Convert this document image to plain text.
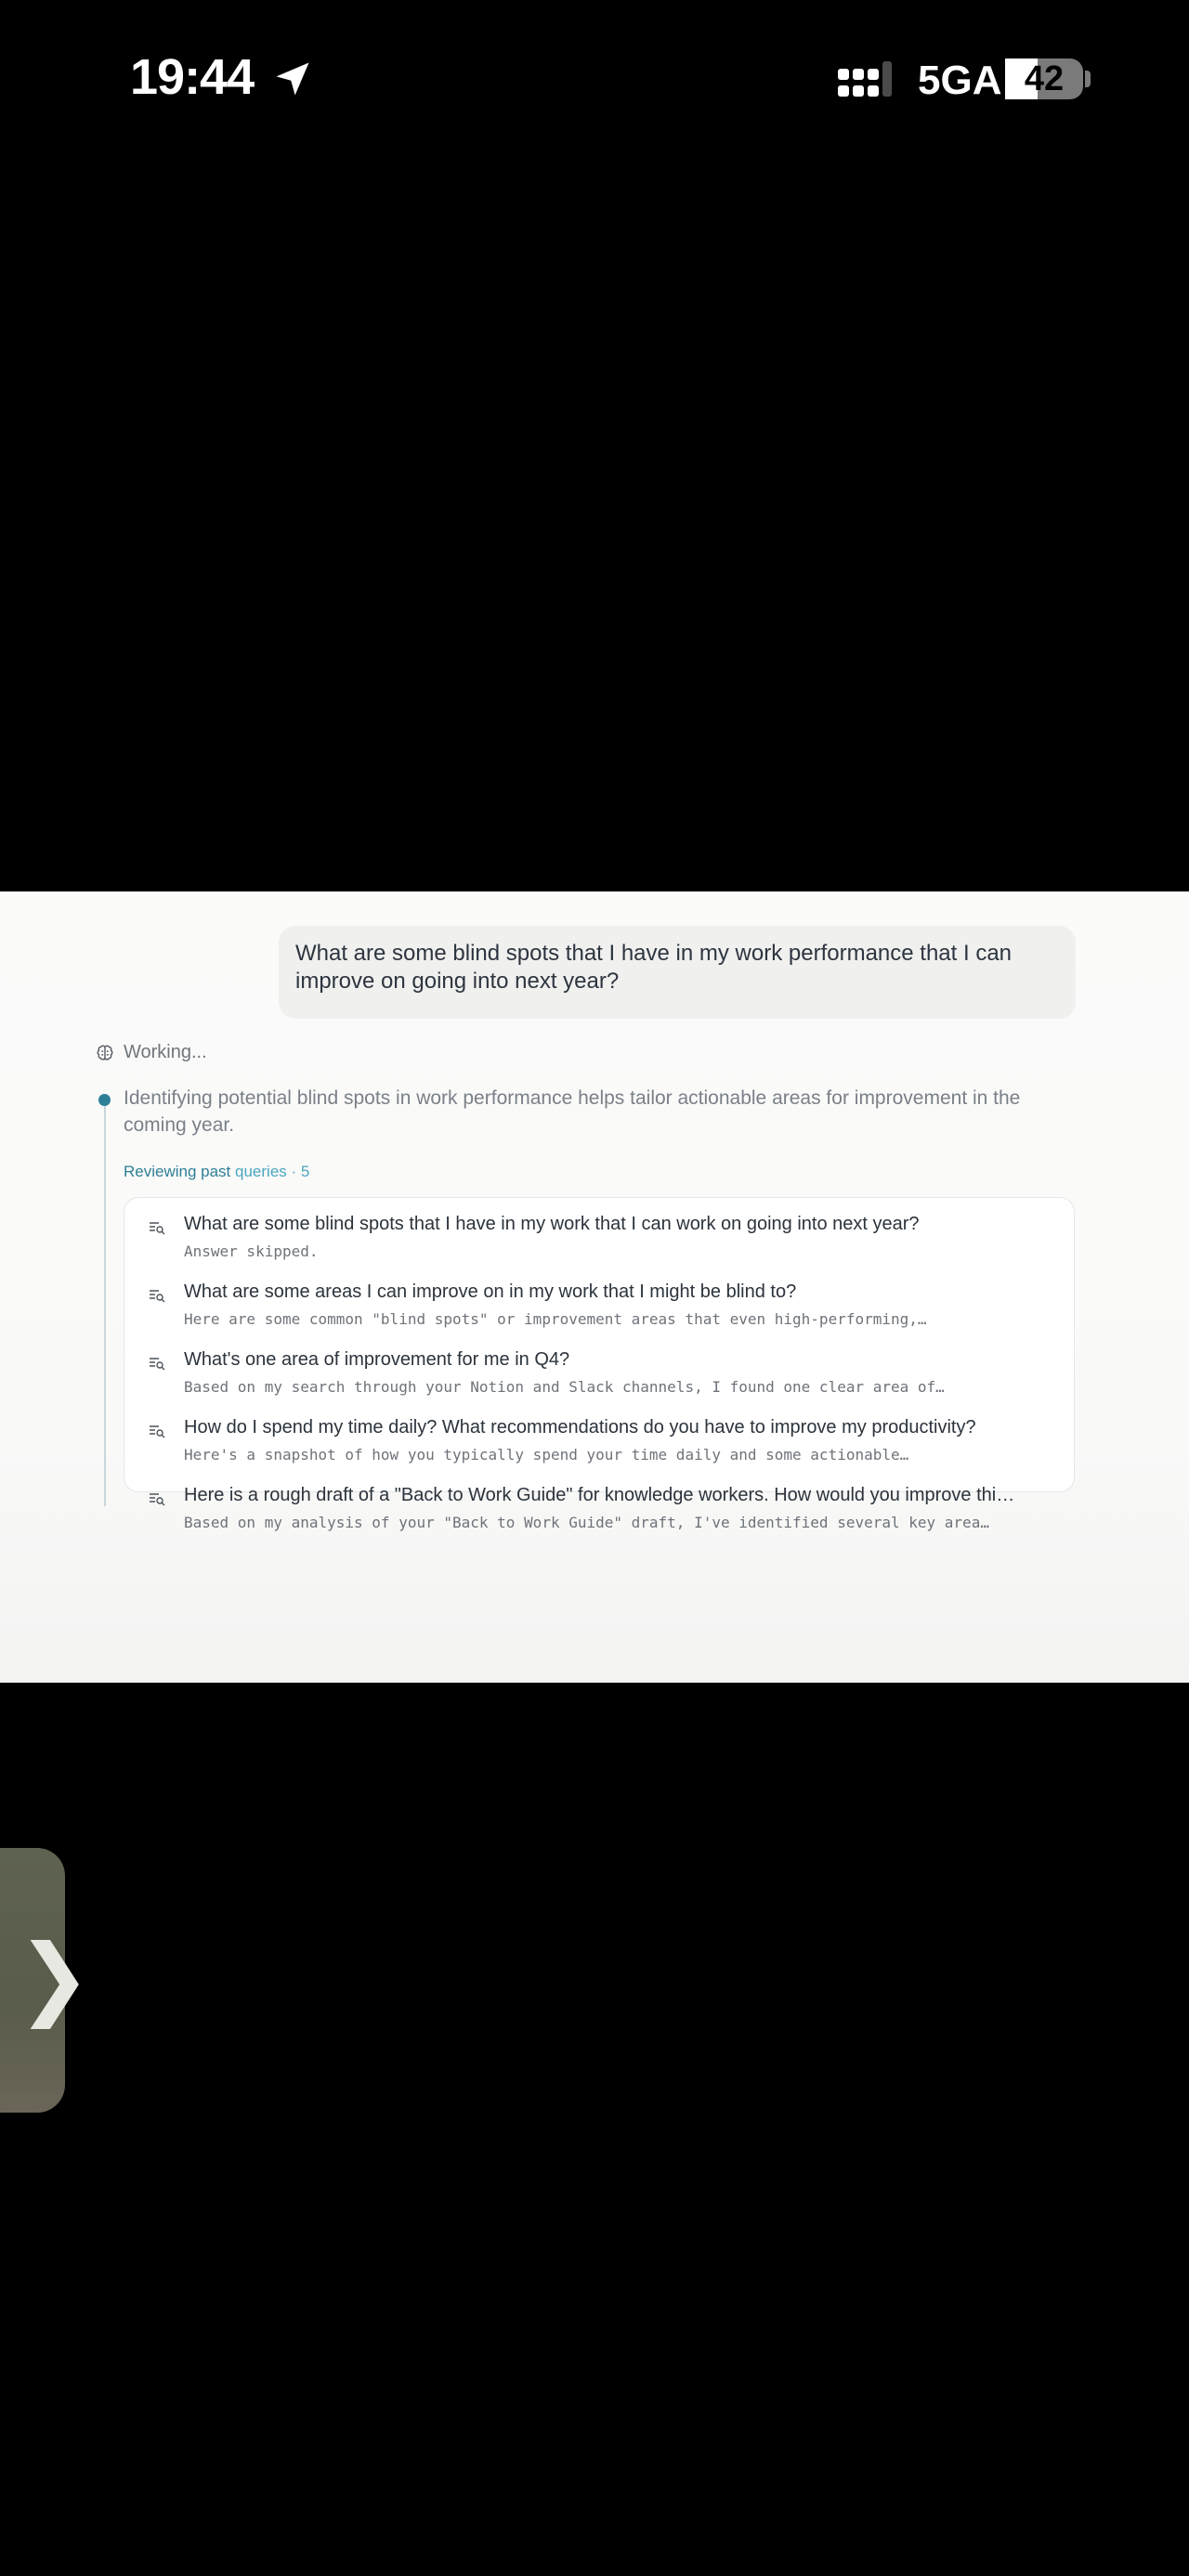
19:44	5GA 42
What are some blind spots that I have in my work performance that I can improve on going into next year?
Working...
Identifying potential blind spots in work performance helps tailor actionable areas for improvement in the coming year.
Reviewing past queries · 5
What are some blind spots that I have in my work that I can work on going into next year?
Answer skipped.
What are some areas I can improve on in my work that I might be blind to?
Here are some common "blind spots" or improvement areas that even high-performing,…
What's one area of improvement for me in Q4?
Based on my search through your Notion and Slack channels, I found one clear area of…
How do I spend my time daily? What recommendations do you have to improve my productivity?
Here's a snapshot of how you typically spend your time daily and some actionable…
Here is a rough draft of a "Back to Work Guide" for knowledge workers. How would you improve thi…
Based on my analysis of your "Back to Work Guide" draft, I've identified several key area…
❯
